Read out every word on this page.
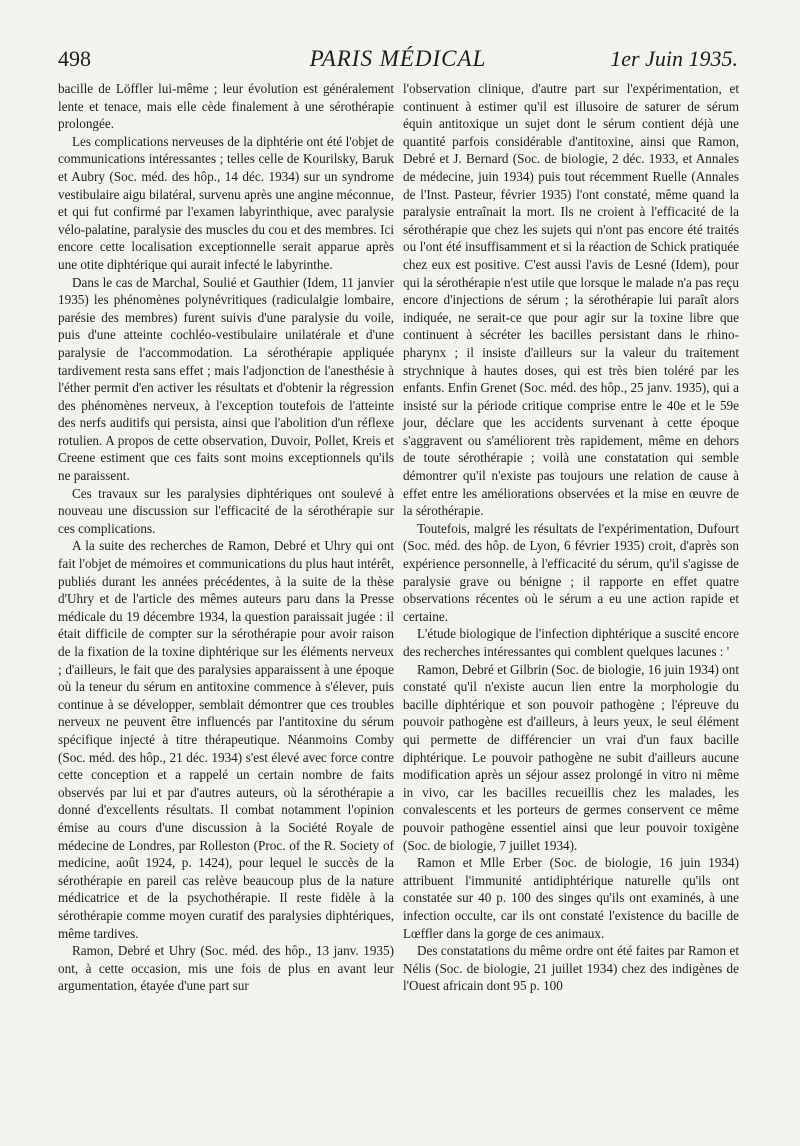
498	PARIS MÉDICAL	1er Juin 1935.

bacille de Löffler lui-même ; leur évolution est généralement lente et tenace, mais elle cède finalement à une sérothérapie prolongée.

Les complications nerveuses de la diphtérie ont été l'objet de communications intéressantes ; telles celle de Kourilsky, Baruk et Aubry (Soc. méd. des hôp., 14 déc. 1934) sur un syndrome vestibulaire aigu bilatéral, survenu après une angine méconnue, et qui fut confirmé par l'examen labyrinthique, avec paralysie vélo-palatine, paralysie des muscles du cou et des membres. Ici encore cette localisation exceptionnelle serait apparue après une otite diphtérique qui aurait infecté le labyrinthe.

Dans le cas de Marchal, Soulié et Gauthier (Idem, 11 janvier 1935) les phénomènes polynévritiques (radiculalgie lombaire, parésie des membres) furent suivis d'une paralysie du voile, puis d'une atteinte cochléo-vestibulaire unilatérale et d'une paralysie de l'accommodation. La sérothérapie appliquée tardivement resta sans effet ; mais l'adjonction de l'anesthésie à l'éther permit d'en activer les résultats et d'obtenir la régression des phénomènes nerveux, à l'exception toutefois de l'atteinte des nerfs auditifs qui persista, ainsi que l'abolition d'un réflexe rotulien. A propos de cette observation, Duvoir, Pollet, Kreis et Creene estiment que ces faits sont moins exceptionnels qu'ils ne paraissent.

Ces travaux sur les paralysies diphtériques ont soulevé à nouveau une discussion sur l'efficacité de la sérothérapie sur ces complications.

A la suite des recherches de Ramon, Debré et Uhry qui ont fait l'objet de mémoires et communications du plus haut intérêt, publiés durant les années précédentes, à la suite de la thèse d'Uhry et de l'article des mêmes auteurs paru dans la Presse médicale du 19 décembre 1934, la question paraissait jugée : il était difficile de compter sur la sérothérapie pour avoir raison de la fixation de la toxine diphtérique sur les éléments nerveux ; d'ailleurs, le fait que des paralysies apparaissent à une époque où la teneur du sérum en antitoxine commence à s'élever, puis continue à se développer, semblait démontrer que ces troubles nerveux ne peuvent être influencés par l'antitoxine du sérum spécifique injecté à titre thérapeutique. Néanmoins Comby (Soc. méd. des hôp., 21 déc. 1934) s'est élevé avec force contre cette conception et a rappelé un certain nombre de faits observés par lui et par d'autres auteurs, où la sérothérapie a donné d'excellents résultats. Il combat notamment l'opinion émise au cours d'une discussion à la Société Royale de médecine de Londres, par Rolleston (Proc. of the R. Society of medicine, août 1924, p. 1424), pour lequel le succès de la sérothérapie en pareil cas relève beaucoup plus de la nature médicatrice et de la psychothérapie. Il reste fidèle à la sérothérapie comme moyen curatif des paralysies diphtériques, même tardives.

Ramon, Debré et Uhry (Soc. méd. des hôp., 13 janv. 1935) ont, à cette occasion, mis une fois de plus en avant leur argumentation, étayée d'une part sur

l'observation clinique, d'autre part sur l'expérimentation, et continuent à estimer qu'il est illusoire de saturer de sérum équin antitoxique un sujet dont le sérum contient déjà une quantité parfois considérable d'antitoxine, ainsi que Ramon, Debré et J. Bernard (Soc. de biologie, 2 déc. 1933, et Annales de médecine, juin 1934) puis tout récemment Ruelle (Annales de l'Inst. Pasteur, février 1935) l'ont constaté, même quand la paralysie entraînait la mort. Ils ne croient à l'efficacité de la sérothérapie que chez les sujets qui n'ont pas encore été traités ou l'ont été insuffisamment et si la réaction de Schick pratiquée chez eux est positive. C'est aussi l'avis de Lesné (Idem), pour qui la sérothérapie n'est utile que lorsque le malade n'a pas reçu encore d'injections de sérum ; la sérothérapie lui paraît alors indiquée, ne serait-ce que pour agir sur la toxine libre que continuent à sécréter les bacilles persistant dans le rhino-pharynx ; il insiste d'ailleurs sur la valeur du traitement strychnique à hautes doses, qui est très bien toléré par les enfants. Enfin Grenet (Soc. méd. des hôp., 25 janv. 1935), qui a insisté sur la période critique comprise entre le 40e et le 59e jour, déclare que les accidents survenant à cette époque s'aggravent ou s'améliorent très rapidement, même en dehors de toute sérothérapie ; voilà une constatation qui semble démontrer qu'il n'existe pas toujours une relation de cause à effet entre les améliorations observées et la mise en œuvre de la sérothérapie.

Toutefois, malgré les résultats de l'expérimentation, Dufourt (Soc. méd. des hôp. de Lyon, 6 février 1935) croit, d'après son expérience personnelle, à l'efficacité du sérum, qu'il s'agisse de paralysie grave ou bénigne ; il rapporte en effet quatre observations récentes où le sérum a eu une action rapide et certaine.

L'étude biologique de l'infection diphtérique a suscité encore des recherches intéressantes qui comblent quelques lacunes : '

Ramon, Debré et Gilbrin (Soc. de biologie, 16 juin 1934) ont constaté qu'il n'existe aucun lien entre la morphologie du bacille diphtérique et son pouvoir pathogène ; l'épreuve du pouvoir pathogène est d'ailleurs, à leurs yeux, le seul élément qui permette de différencier un vrai d'un faux bacille diphtérique. Le pouvoir pathogène ne subit d'ailleurs aucune modification après un séjour assez prolongé in vitro ni même in vivo, car les bacilles recueillis chez les malades, les convalescents et les porteurs de germes conservent ce même pouvoir pathogène essentiel ainsi que leur pouvoir toxigène (Soc. de biologie, 7 juillet 1934).

Ramon et Mlle Erber (Soc. de biologie, 16 juin 1934) attribuent l'immunité antidiphtérique naturelle qu'ils ont constatée sur 40 p. 100 des singes qu'ils ont examinés, à une infection occulte, car ils ont constaté l'existence du bacille de Lœffler dans la gorge de ces animaux.

Des constatations du même ordre ont été faites par Ramon et Nélis (Soc. de biologie, 21 juillet 1934) chez des indigènes de l'Ouest africain dont 95 p. 100
